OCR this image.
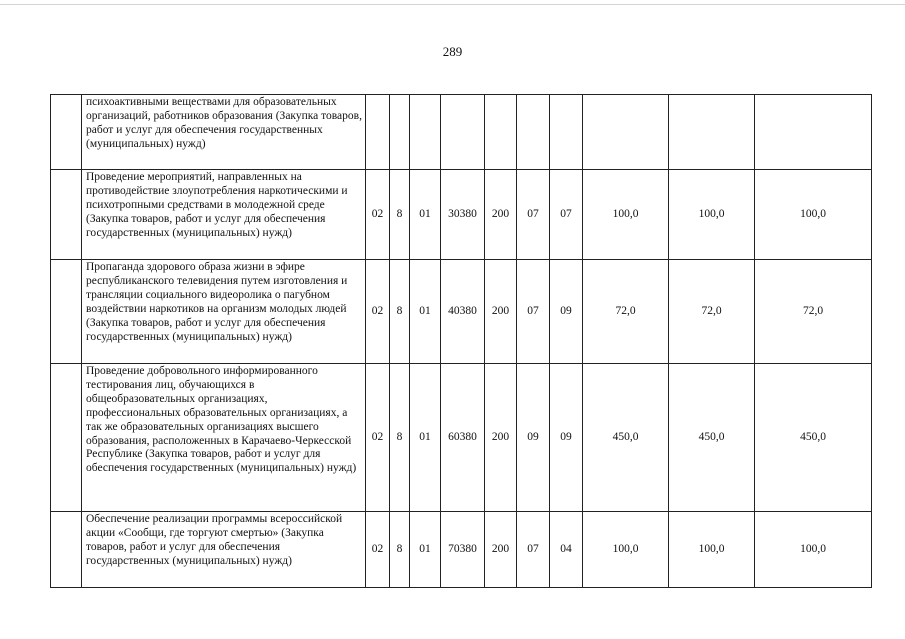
289
	психоактивными веществами для образовательных организаций, работников образования (Закупка товаров, работ и услуг для обеспечения государственных (муниципальных) нужд)										
	Проведение мероприятий, направленных на противодействие злоупотребления наркотическими и психотропными средствами в молодежной среде (Закупка товаров, работ и услуг для обеспечения государственных (муниципальных) нужд)	02	8	01	30380	200	07	07	100,0	100,0	100,0
	Пропаганда здорового образа жизни в эфире республиканского телевидения путем изготовления и трансляции социального видеоролика о пагубном воздействии наркотиков на организм молодых людей (Закупка товаров, работ и услуг для обеспечения государственных (муниципальных) нужд)	02	8	01	40380	200	07	09	72,0	72,0	72,0
	Проведение добровольного информированного тестирования лиц, обучающихся в общеобразовательных организациях, профессиональных образовательных организациях, а так же образовательных организациях высшего образования, расположенных в Карачаево-Черкесской Республике (Закупка товаров, работ и услуг для обеспечения государственных (муниципальных) нужд)	02	8	01	60380	200	09	09	450,0	450,0	450,0
	Обеспечение реализации программы всероссийской акции «Сообщи, где торгуют смертью» (Закупка товаров, работ и услуг для обеспечения государственных (муниципальных) нужд)	02	8	01	70380	200	07	04	100,0	100,0	100,0
